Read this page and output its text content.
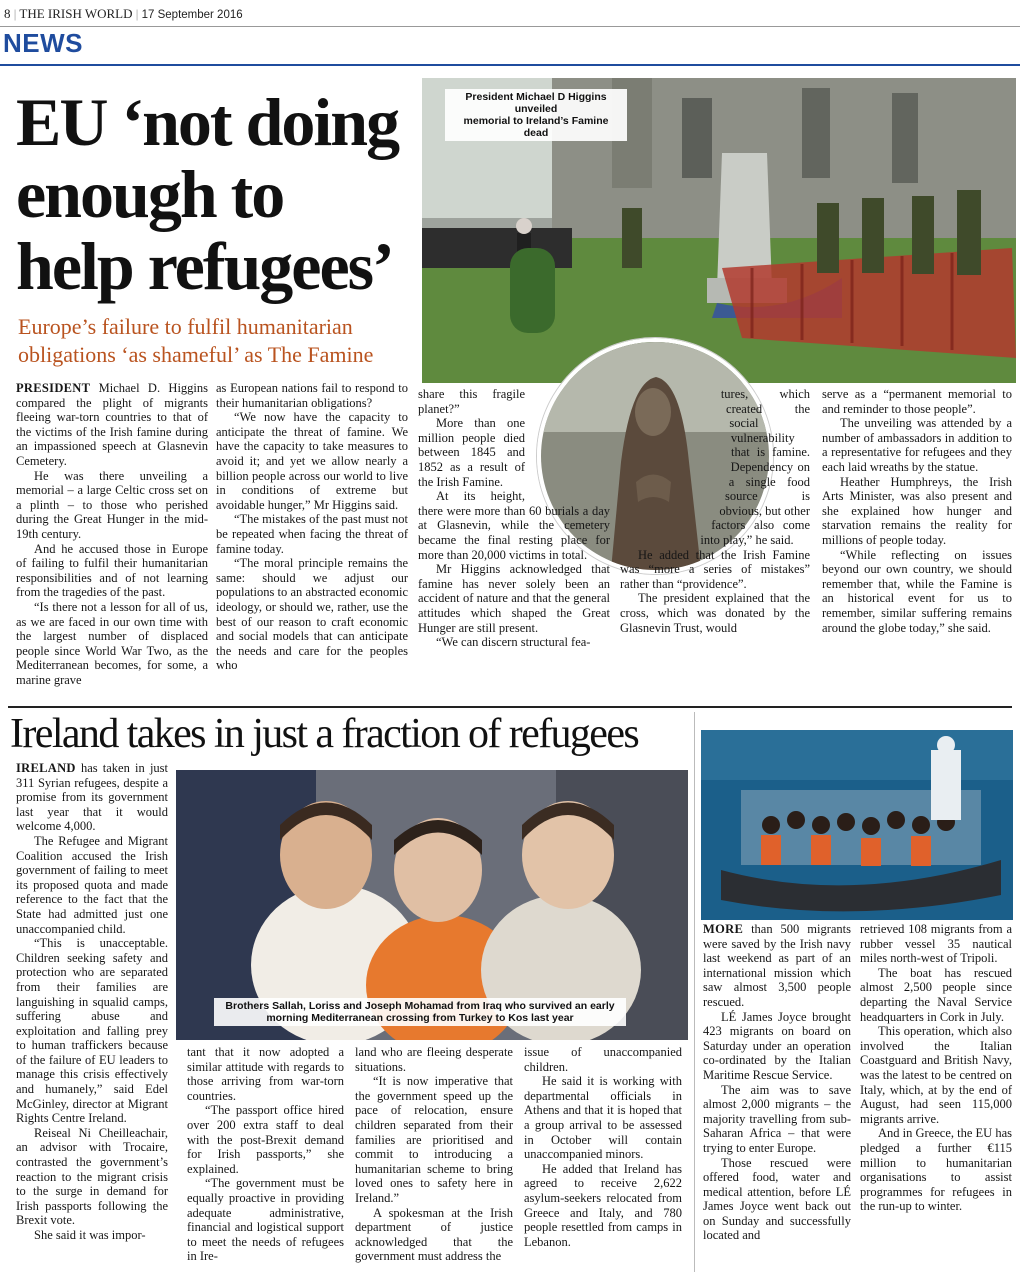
8 | THE IRISH WORLD | 17 September 2016
NEWS
EU ‘not doing
enough to
help refugees’
Europe’s failure to fulfil humanitarian
obligations ‘as shameful’ as The Famine
President Michael D Higgins unveiled
memorial to Ireland’s Famine dead

PRESIDENT Michael D. Higgins compared the plight of migrants fleeing war-torn countries to that of the victims of the Irish famine during an impassioned speech at Glasnevin Cemetery.

He was there unveiling a memorial – a large Celtic cross set on a plinth – to those who perished during the Great Hunger in the mid-19th century.

And he accused those in Europe of failing to fulfil their humanitarian responsibilities and of not learning from the tragedies of the past.

“Is there not a lesson for all of us, as we are faced in our own time with the largest number of displaced people since World War Two, as the Mediterranean becomes, for some, a marine grave

as European nations fail to respond to their humanitarian obligations?

“We now have the capacity to anticipate the threat of famine. We have the capacity to take measures to avoid it; and yet we allow nearly a billion people across our world to live in conditions of extreme but avoidable hunger,” Mr Higgins said.

“The mistakes of the past must not be repeated when facing the threat of famine today.

“The moral principle remains the same: should we adjust our populations to an abstracted economic ideology, or should we, rather, use the best of our reason to craft economic and social models that can anticipate the needs and care for the peoples who

share this fragile planet?”

More than one million people died between 1845 and 1852 as a result of the Irish Famine.

At its height, there were more than 60 burials a day at Glasnevin, while the cemetery became the final resting place for more than 20,000 victims in total.

Mr Higgins acknowledged that famine has never solely been an accident of nature and that the general attitudes which shaped the Great Hunger are still present.

“We can discern structural fea-

tures, which created the social vulnerability that is famine. Dependency on a single food source is obvious, but other factors also come into play,” he said.

He added that the Irish Famine was “more a series of mistakes” rather than “providence”.

The president explained that the cross, which was donated by the Glasnevin Trust, would

serve as a “permanent memorial to and reminder to those people”.

The unveiling was attended by a number of ambassadors in addition to a representative for refugees and they each laid wreaths by the statue.

Heather Humphreys, the Irish Arts Minister, was also present and she explained how hunger and starvation remains the reality for millions of people today.

“While reflecting on issues beyond our own country, we should remember that, while the Famine is an historical event for us to remember, similar suffering remains around the globe today,” she said.

Ireland takes in just a fraction of refugees
Brothers Sallah, Loriss and Joseph Mohamad from Iraq who survived an early
morning Mediterranean crossing from Turkey to Kos last year

IRELAND has taken in just 311 Syrian refugees, despite a promise from its government last year that it would welcome 4,000.

The Refugee and Migrant Coalition accused the Irish government of failing to meet its proposed quota and made reference to the fact that the State had admitted just one unaccompanied child.

“This is unacceptable. Children seeking safety and protection who are separated from their families are languishing in squalid camps, suffering abuse and exploitation and falling prey to human traffickers because of the failure of EU leaders to manage this crisis effectively and humanely,” said Edel McGinley, director at Migrant Rights Centre Ireland.

Reiseal Ni Cheilleachair, an advisor with Trocaire, contrasted the government’s reaction to the migrant crisis to the surge in demand for Irish passports following the Brexit vote.

She said it was impor-

tant that it now adopted a similar attitude with regards to those arriving from war-torn countries.

“The passport office hired over 200 extra staff to deal with the post-Brexit demand for Irish passports,” she explained.

“The government must be equally proactive in providing adequate administrative, financial and logistical support to meet the needs of refugees in Ire-

land who are fleeing desperate situations.

“It is now imperative that the government speed up the pace of relocation, ensure children separated from their families are prioritised and commit to introducing a humanitarian scheme to bring loved ones to safety here in Ireland.”

A spokesman at the Irish department of justice acknowledged that the government must address the

issue of unaccompanied children.

He said it is working with departmental officials in Athens and that it is hoped that a group arrival to be assessed in October will contain unaccompanied minors.

He added that Ireland has agreed to receive 2,622 asylum-seekers relocated from Greece and Italy, and 780 people resettled from camps in Lebanon.

MORE than 500 migrants were saved by the Irish navy last weekend as part of an international mission which saw almost 3,500 people rescued.

LÉ James Joyce brought 423 migrants on board on Saturday under an operation co-ordinated by the Italian Maritime Rescue Service.

The aim was to save almost 2,000 migrants – the majority travelling from sub-Saharan Africa – that were trying to enter Europe.

Those rescued were offered food, water and medical attention, before LÉ James Joyce went back out on Sunday and successfully located and

retrieved 108 migrants from a rubber vessel 35 nautical miles north-west of Tripoli.

The boat has rescued almost 2,500 people since departing the Naval Service headquarters in Cork in July.

This operation, which also involved the Italian Coastguard and British Navy, was the latest to be centred on Italy, which, at by the end of August, had seen 115,000 migrants arrive.

And in Greece, the EU has pledged a further €115 million to humanitarian organisations to assist programmes for refugees in the run-up to winter.
